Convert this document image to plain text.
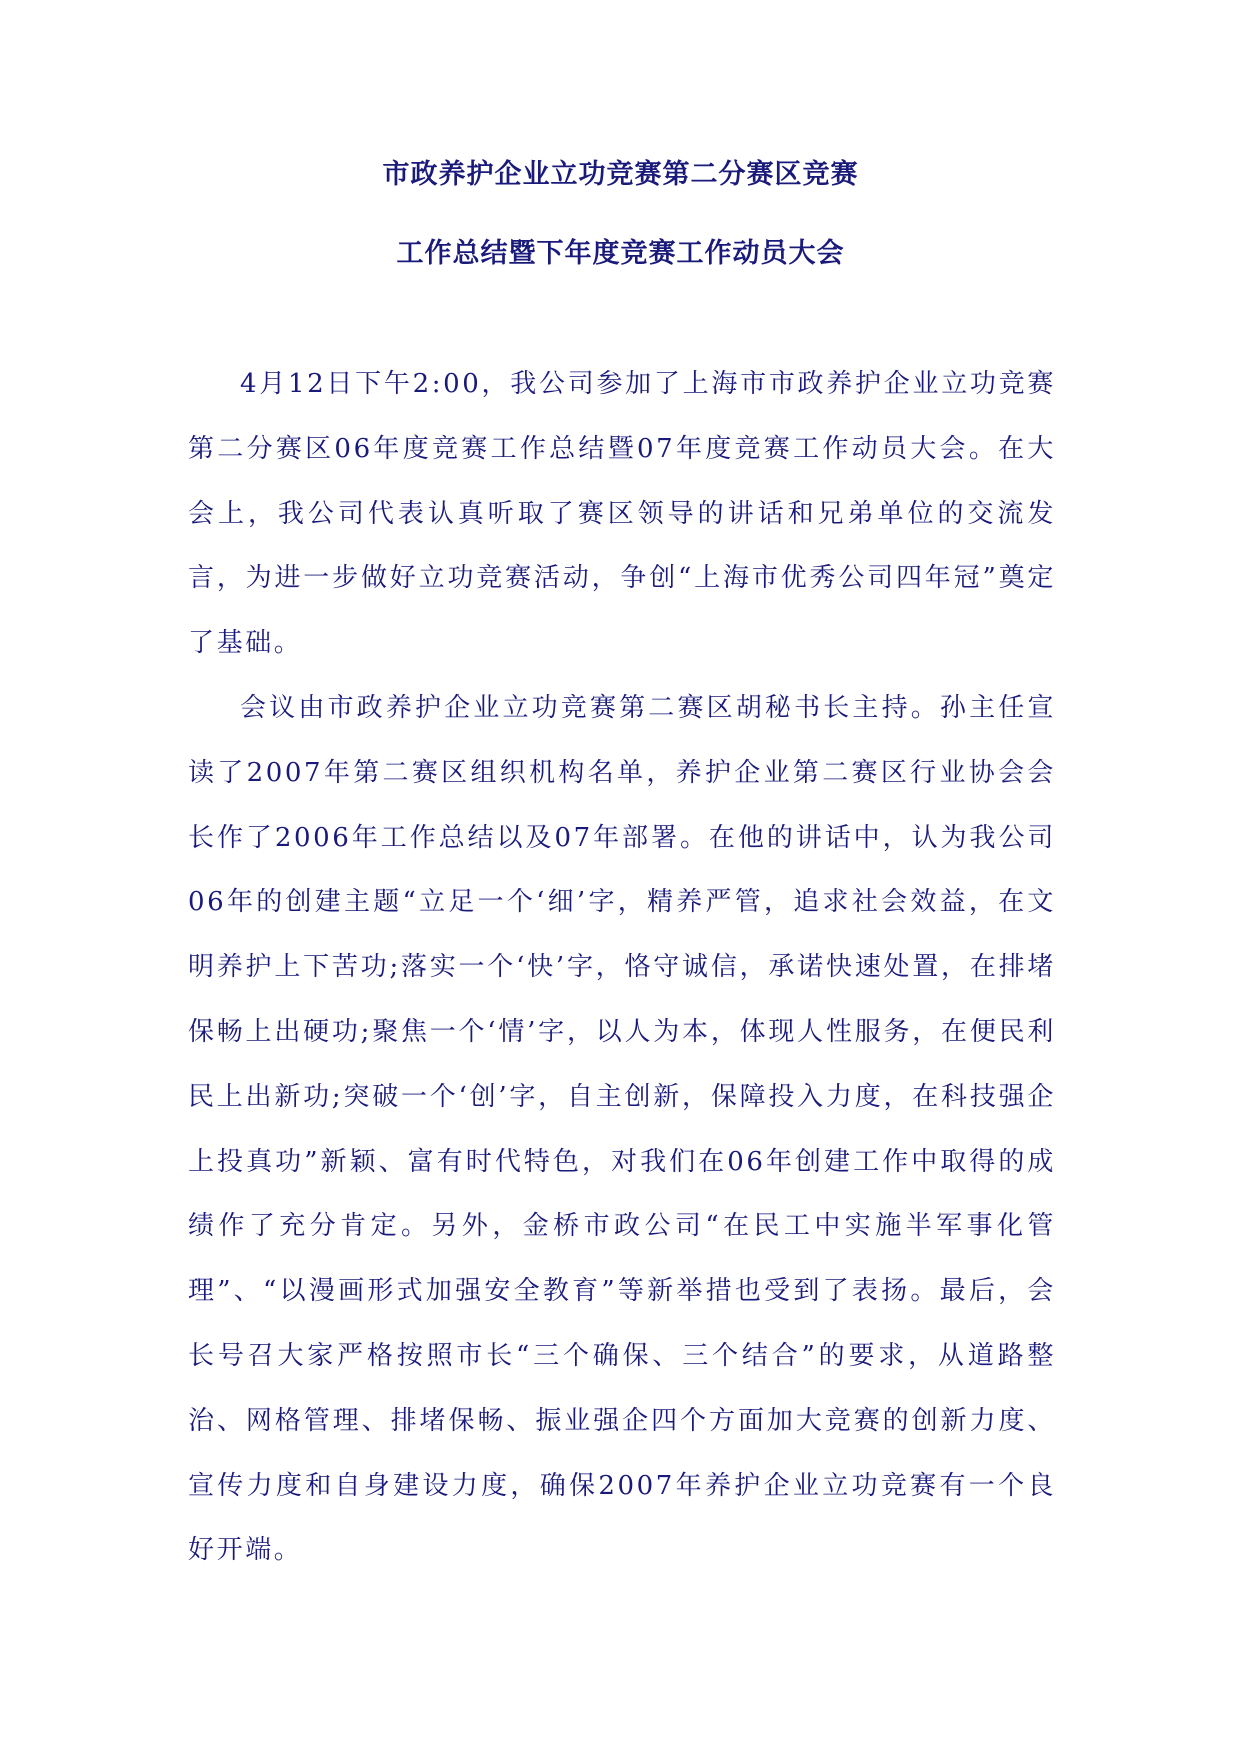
市政养护企业立功竞赛第二分赛区竞赛

工作总结暨下年度竞赛工作动员大会

4月12日下午2:00，我公司参加了上海市市政养护企业立功竞赛第二分赛区06年度竞赛工作总结暨07年度竞赛工作动员大会。在大会上，我公司代表认真听取了赛区领导的讲话和兄弟单位的交流发言，为进一步做好立功竞赛活动，争创“上海市优秀公司四年冠”奠定了基础。

会议由市政养护企业立功竞赛第二赛区胡秘书长主持。孙主任宣读了2007年第二赛区组织机构名单，养护企业第二赛区行业协会会长作了2006年工作总结以及07年部署。在他的讲话中，认为我公司06年的创建主题“立足一个‘细’字，精养严管，追求社会效益，在文明养护上下苦功;落实一个‘快’字，恪守诚信，承诺快速处置，在排堵保畅上出硬功;聚焦一个‘情’字，以人为本，体现人性服务，在便民利民上出新功;突破一个‘创’字，自主创新，保障投入力度，在科技强企上投真功”新颖、富有时代特色，对我们在06年创建工作中取得的成绩作了充分肯定。另外，金桥市政公司“在民工中实施半军事化管理”、“以漫画形式加强安全教育”等新举措也受到了表扬。最后，会长号召大家严格按照市长“三个确保、三个结合”的要求，从道路整治、网格管理、排堵保畅、振业强企四个方面加大竞赛的创新力度、宣传力度和自身建设力度，确保2007年养护企业立功竞赛有一个良好开端。
